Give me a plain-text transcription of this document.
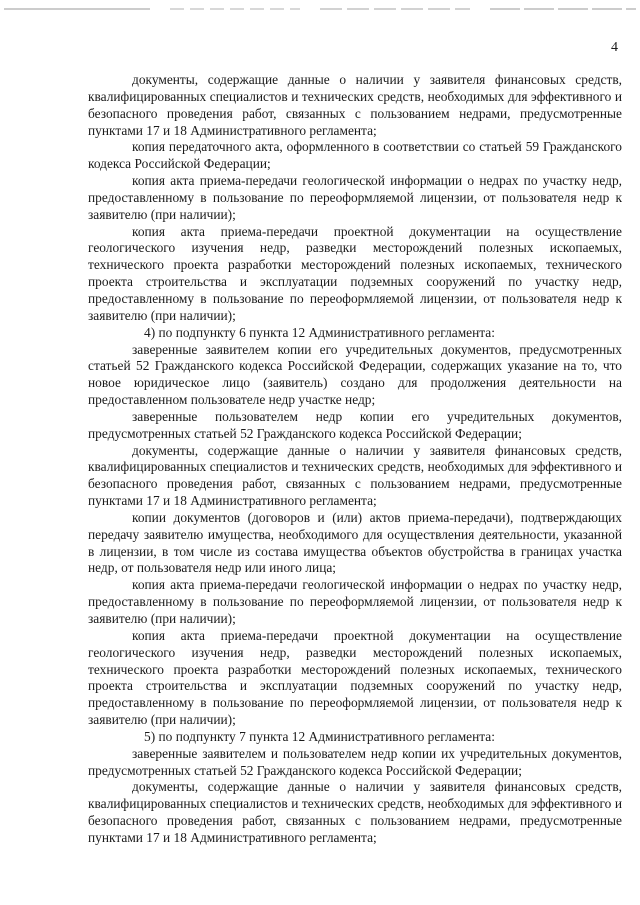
4

документы, содержащие данные о наличии у заявителя финансовых средств, квалифицированных специалистов и технических средств, необходимых для эффективного и безопасного проведения работ, связанных с пользованием недрами, предусмотренные пунктами 17 и 18 Административного регламента;

копия передаточного акта, оформленного в соответствии со статьей 59 Гражданского кодекса Российской Федерации;

копия акта приема-передачи геологической информации о недрах по участку недр, предоставленному в пользование по переоформляемой лицензии, от пользователя недр к заявителю (при наличии);

копия акта приема-передачи проектной документации на осуществление геологического изучения недр, разведки месторождений полезных ископаемых, технического проекта разработки месторождений полезных ископаемых, технического проекта строительства и эксплуатации подземных сооружений по участку недр, предоставленному в пользование по переоформляемой лицензии, от пользователя недр к заявителю (при наличии);

4) по подпункту 6 пункта 12 Административного регламента:

заверенные заявителем копии его учредительных документов, предусмотренных статьей 52 Гражданского кодекса Российской Федерации, содержащих указание на то, что новое юридическое лицо (заявитель) создано для продолжения деятельности на предоставленном пользователе недр участке недр;

заверенные пользователем недр копии его учредительных документов, предусмотренных статьей 52 Гражданского кодекса Российской Федерации;

документы, содержащие данные о наличии у заявителя финансовых средств, квалифицированных специалистов и технических средств, необходимых для эффективного и безопасного проведения работ, связанных с пользованием недрами, предусмотренные пунктами 17 и 18 Административного регламента;

копии документов (договоров и (или) актов приема-передачи), подтверждающих передачу заявителю имущества, необходимого для осуществления деятельности, указанной в лицензии, в том числе из состава имущества объектов обустройства в границах участка недр, от пользователя недр или иного лица;

копия акта приема-передачи геологической информации о недрах по участку недр, предоставленному в пользование по переоформляемой лицензии, от пользователя недр к заявителю (при наличии);

копия акта приема-передачи проектной документации на осуществление геологического изучения недр, разведки месторождений полезных ископаемых, технического проекта разработки месторождений полезных ископаемых, технического проекта строительства и эксплуатации подземных сооружений по участку недр, предоставленному в пользование по переоформляемой лицензии, от пользователя недр к заявителю (при наличии);

5) по подпункту 7 пункта 12 Административного регламента:

заверенные заявителем и пользователем недр копии их учредительных документов, предусмотренных статьей 52 Гражданского кодекса Российской Федерации;

документы, содержащие данные о наличии у заявителя финансовых средств, квалифицированных специалистов и технических средств, необходимых для эффективного и безопасного проведения работ, связанных с пользованием недрами, предусмотренные пунктами 17 и 18 Административного регламента;
